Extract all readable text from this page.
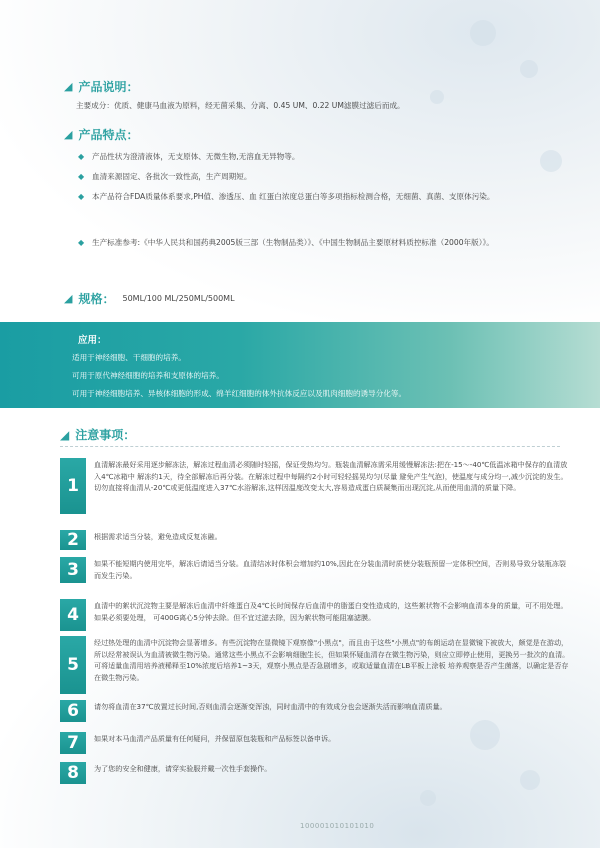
◢ 产品说明：
主要成分：优质、健康马血液为原料，经无菌采集、分离、0.45 UM、0.22 UM滤膜过滤后而成。
◢ 产品特点：
◆	产品性状为澄清液体，无支原体、无微生物,无溶血无异物等。
◆	血清来源固定、各批次一致性高，生产周期短。
◆	本产品符合FDA质量体系要求,PH值、渗透压、血 红蛋白浓度总蛋白等多项指标检测合格，无细菌、真菌、支原体污染。
◆	生产标准参考:《中华人民共和国药典2005版三部（生物制品类）》、《中国生物制品主要原材料质控标准（2000年版）》。
◢ 规格： 50ML/100 ML/250ML/500ML
应用：
适用于神经细胞、干细胞的培养。
可用于原代神经细胞的培养和支原体的培养。
可用于神经细胞培养、异核体细胞的形成、绵羊红细胞的体外抗体反应以及肌肉细胞的诱导分化等。
◢ 注意事项：
1
血清解冻最好采用逐步解冻法，解冻过程血清必须随时轻摇，保证受热均匀。瓶装血清解冻需采用缓慢解冻法:把在-15～-40℃低温冰箱中保存的血清放入4℃冰箱中 解冻约1天，待全部解冻后再分装。在解冻过程中每隔约2小时可轻轻摇晃均匀(尽量 避免产生气泡)，使温度与成分均一,减少沉淀的发生。切勿直接将血清从-20℃或更低温度进入37℃水浴解冻,这样因温度改变太大,容易造成蛋白质凝集而出现沉淀,从而使用血清的质量下降。
2	根据需求适当分装，避免造成反复冻融。
3	如果不能短期内使用完毕，解冻后请适当分装。血清结冰时体积会增加约10%,因此在分装血清时质使分装瓶预留一定体积空间，否则易导致分装瓶冻裂而发生污染。
4	血清中的絮状沉淀物主要是解冻后血清中纤维蛋白及4℃长时间保存后血清中的脂蛋白变性造成的，这些絮状物不会影响血清本身的质量，可不用处理。如果必须要处理， 可400G离心5分钟去除。但不宜过滤去除，因为絮状物可能阻塞滤膜。
5
经过热处理的血清中沉淀物会显著增多。有些沉淀物在显微镜下观察像"小黑点"，而且由于这些"小黑点"的布朗运动在显微镜下被放大，颇觉是在游动，所以经常被误认为血清被微生物污染。通常这些小黑点不会影响细胞生长，但如果怀疑血清存在微生物污染，则应立即停止使用，更换另一批次的血清。可将适量血清用培养液稀释至10%浓度后培养1~3天，观察小黑点是否急剧增多，或取适量血清在LB平板上涂板 培养观察是否产生菌落，以确定是否存在微生物污染。
6	请勿将血清在37℃放置过长时间,否则血清会逐渐变浑浊，同时血清中的有效成分也会逐渐失活而影响血清质量。
7	如果对本马血清产品质量有任何疑问，并保留原包装瓶和产品标签以备申诉。
8	为了您的安全和健康，请穿实验服并戴一次性手套操作。
100001010101010
